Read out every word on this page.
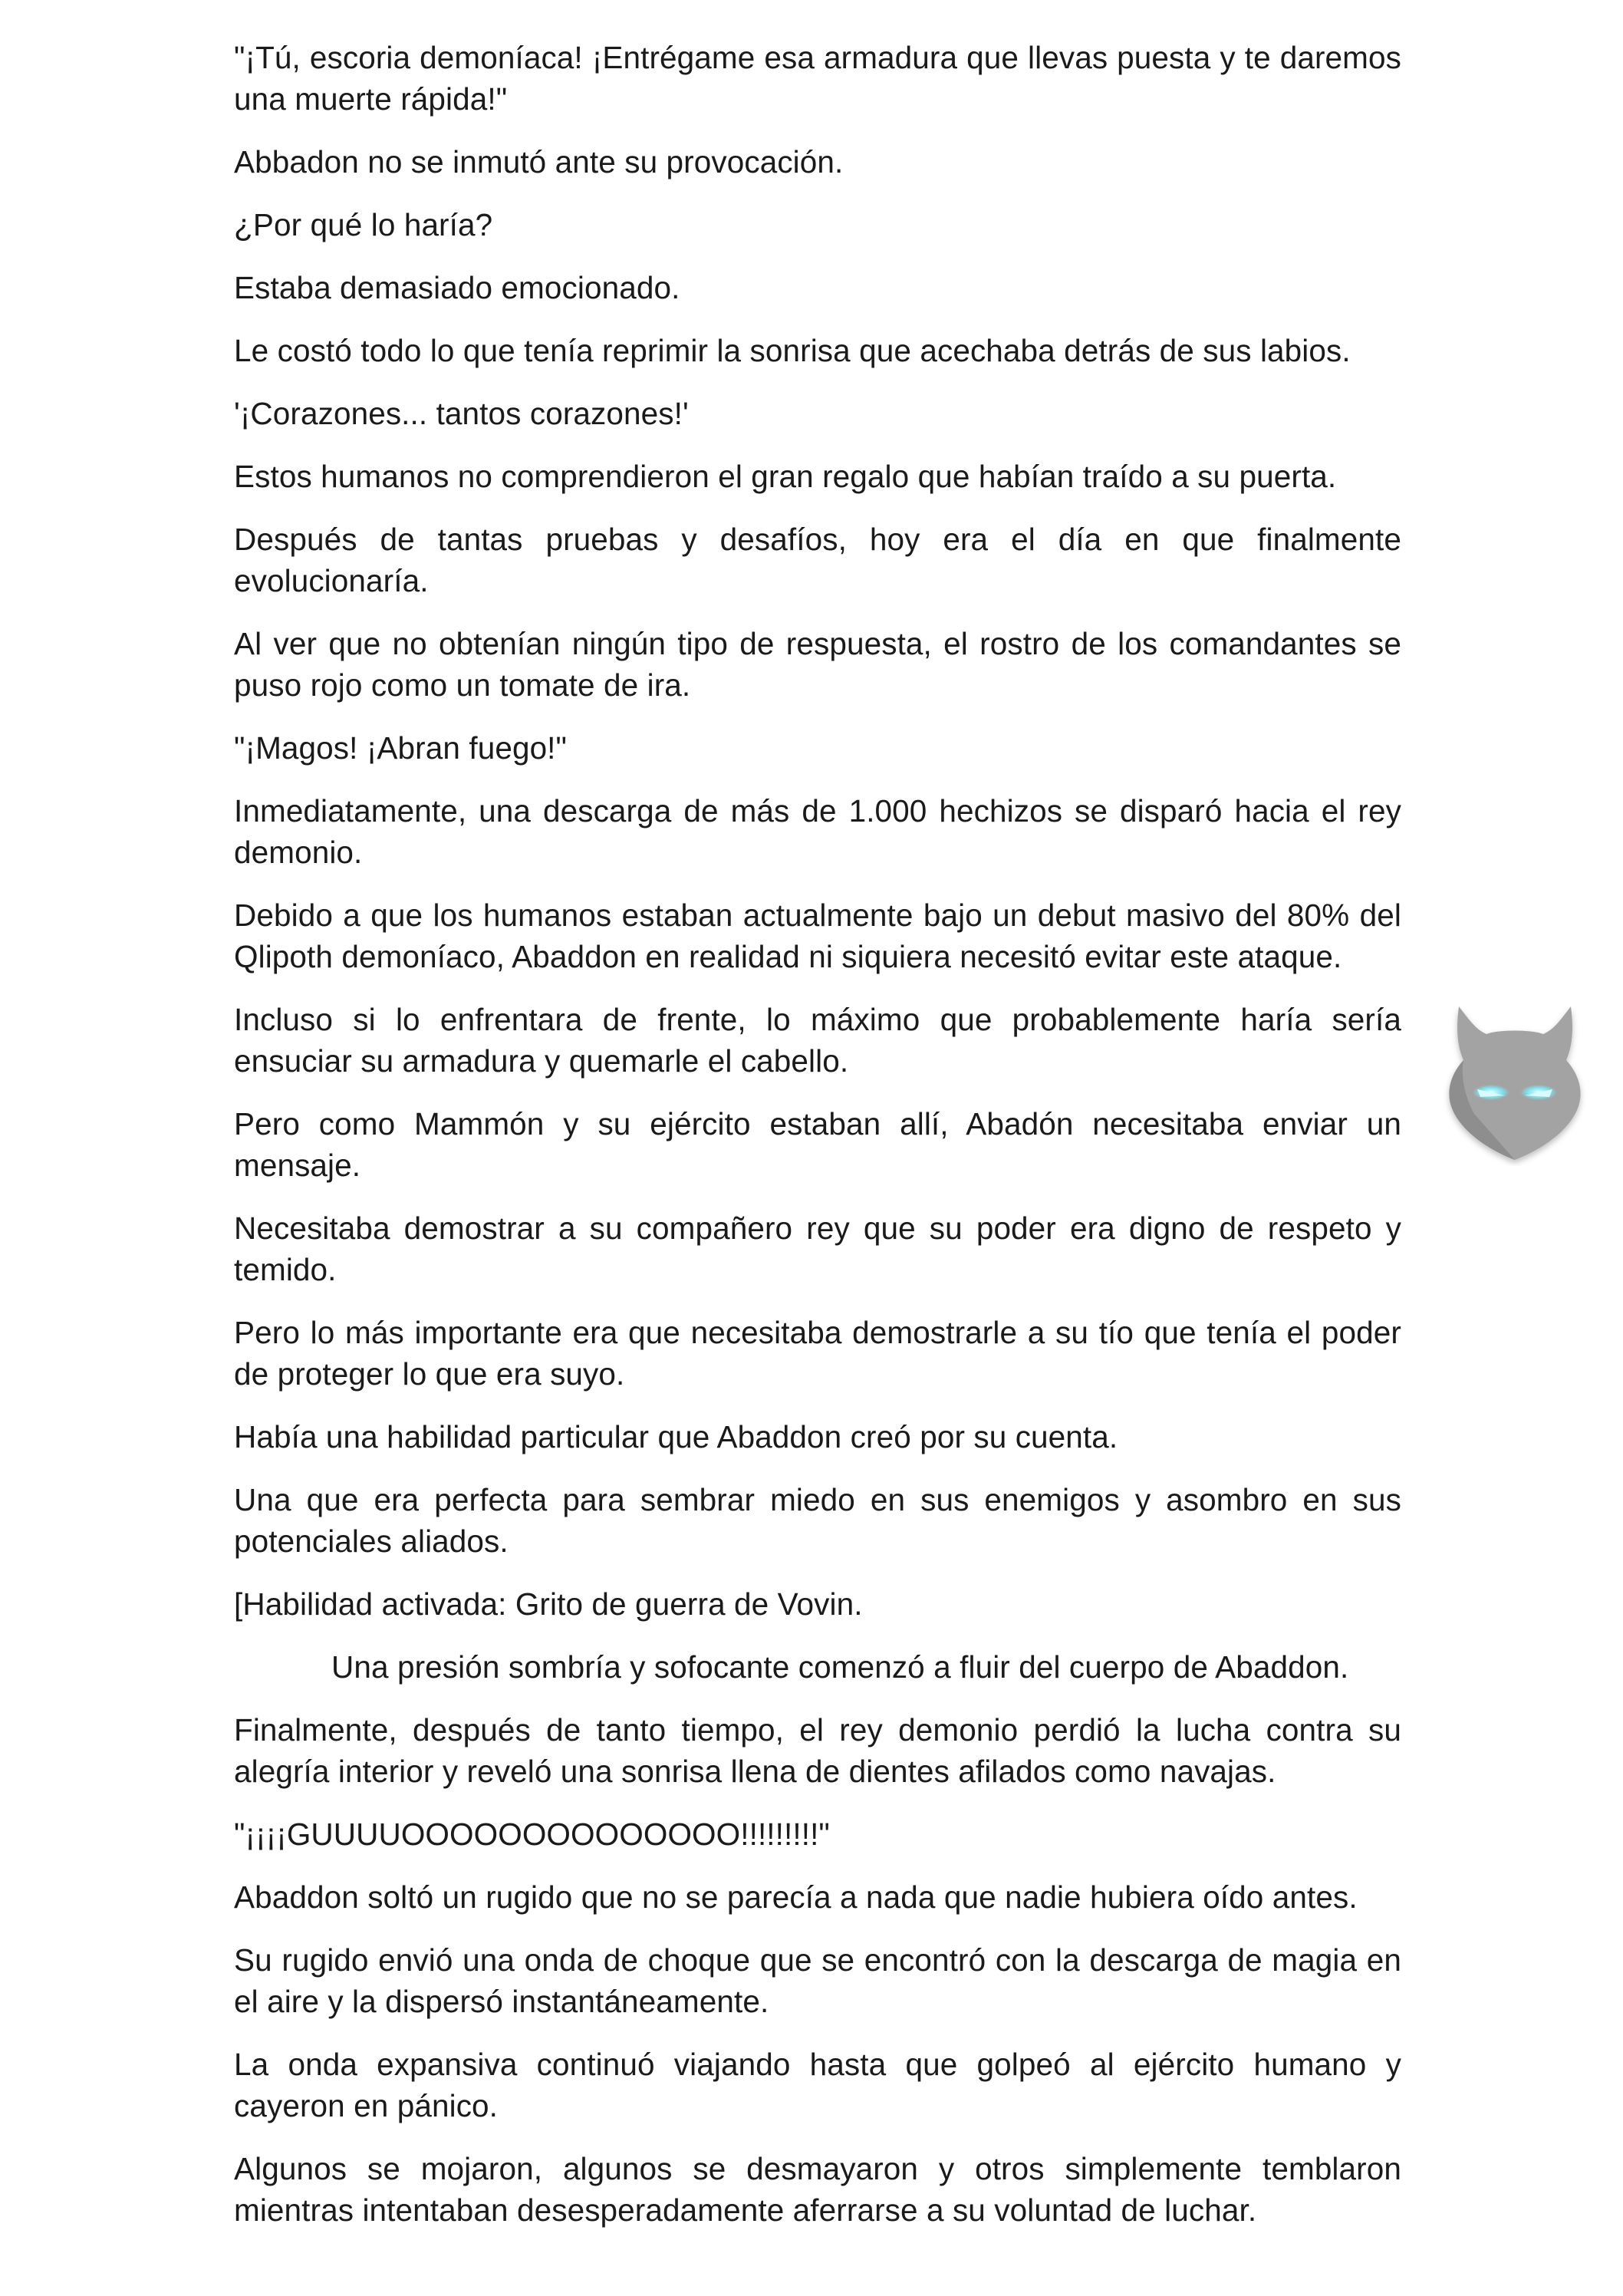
"¡Tú, escoria demoníaca! ¡Entrégame esa armadura que llevas puesta y te daremos una muerte rápida!"

Abbadon no se inmutó ante su provocación.

¿Por qué lo haría?

Estaba demasiado emocionado.

Le costó todo lo que tenía reprimir la sonrisa que acechaba detrás de sus labios.

'¡Corazones... tantos corazones!'

Estos humanos no comprendieron el gran regalo que habían traído a su puerta.

Después de tantas pruebas y desafíos, hoy era el día en que finalmente evolucionaría.

Al ver que no obtenían ningún tipo de respuesta, el rostro de los comandantes se puso rojo como un tomate de ira.

"¡Magos! ¡Abran fuego!"

Inmediatamente, una descarga de más de 1.000 hechizos se disparó hacia el rey demonio.

Debido a que los humanos estaban actualmente bajo un debut masivo del 80% del Qlipoth demoníaco, Abaddon en realidad ni siquiera necesitó evitar este ataque.

Incluso si lo enfrentara de frente, lo máximo que probablemente haría sería ensuciar su armadura y quemarle el cabello.

Pero como Mammón y su ejército estaban allí, Abadón necesitaba enviar un mensaje.

Necesitaba demostrar a su compañero rey que su poder era digno de respeto y temido.

Pero lo más importante era que necesitaba demostrarle a su tío que tenía el poder de proteger lo que era suyo.

Había una habilidad particular que Abaddon creó por su cuenta.

Una que era perfecta para sembrar miedo en sus enemigos y asombro en sus potenciales aliados.

[Habilidad activada: Grito de guerra de Vovin.

Una presión sombría y sofocante comenzó a fluir del cuerpo de Abaddon.

Finalmente, después de tanto tiempo, el rey demonio perdió la lucha contra su alegría interior y reveló una sonrisa llena de dientes afilados como navajas.

"¡¡¡¡GUUUUOOOOOOOOOOOOOO!!!!!!!!!"

Abaddon soltó un rugido que no se parecía a nada que nadie hubiera oído antes.

Su rugido envió una onda de choque que se encontró con la descarga de magia en el aire y la dispersó instantáneamente.

La onda expansiva continuó viajando hasta que golpeó al ejército humano y cayeron en pánico.

Algunos se mojaron, algunos se desmayaron y otros simplemente temblaron mientras intentaban desesperadamente aferrarse a su voluntad de luchar.
